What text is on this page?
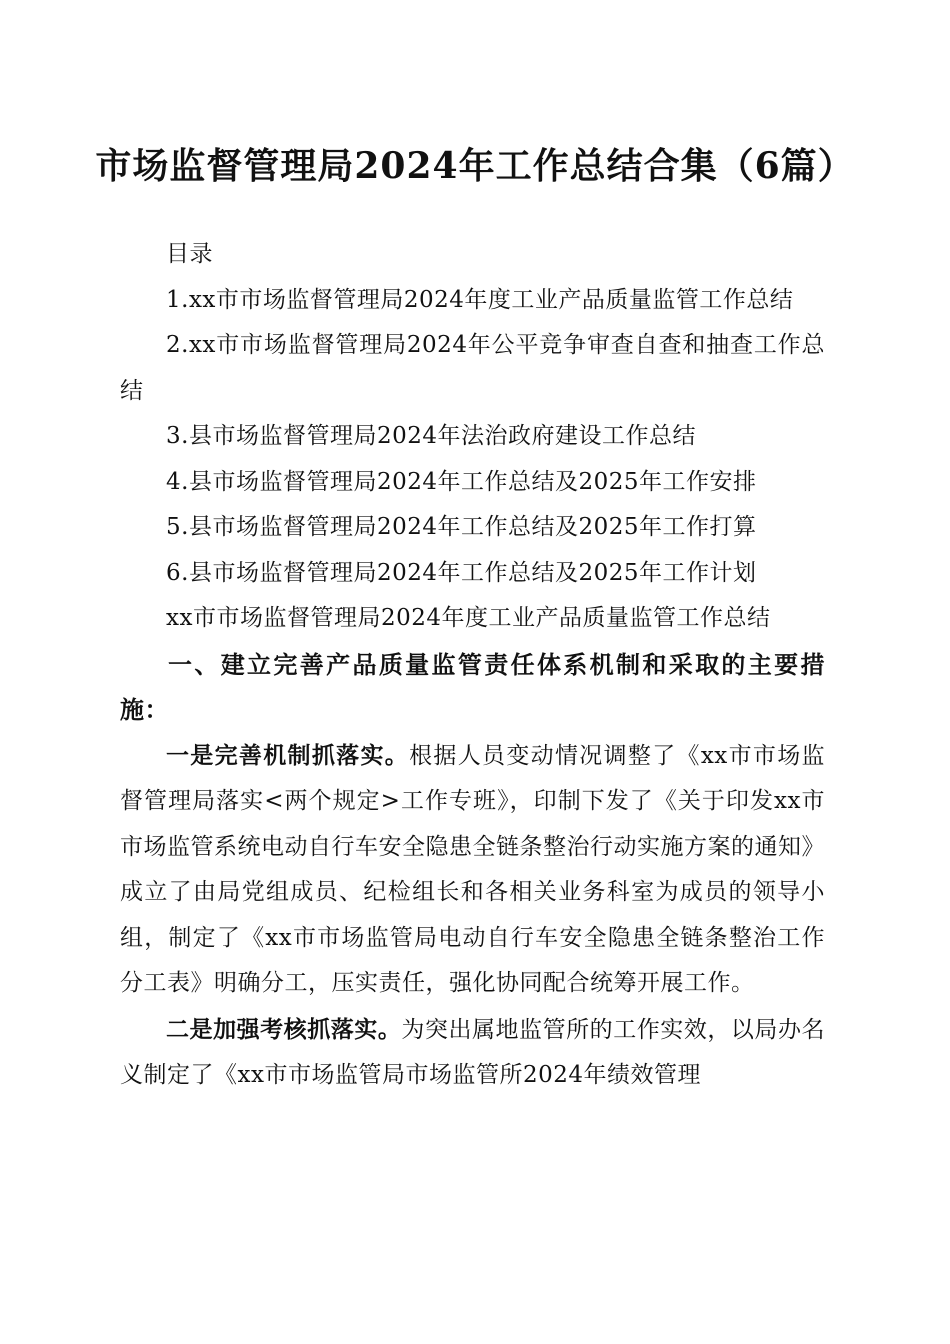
市场监督管理局2024年工作总结合集（6篇）

目录

1.xx市市场监督管理局2024年度工业产品质量监管工作总结

2.xx市市场监督管理局2024年公平竞争审查自查和抽查工作总结

3.县市场监督管理局2024年法治政府建设工作总结

4.县市场监督管理局2024年工作总结及2025年工作安排

5.县市场监督管理局2024年工作总结及2025年工作打算

6.县市场监督管理局2024年工作总结及2025年工作计划

xx市市场监督管理局2024年度工业产品质量监管工作总结

一、建立完善产品质量监管责任体系机制和采取的主要措施：

一是完善机制抓落实。根据人员变动情况调整了《xx市市场监督管理局落实<两个规定>工作专班》，印制下发了《关于印发xx市市场监管系统电动自行车安全隐患全链条整治行动实施方案的通知》成立了由局党组成员、纪检组长和各相关业务科室为成员的领导小组，制定了《xx市市场监管局电动自行车安全隐患全链条整治工作分工表》明确分工，压实责任，强化协同配合统筹开展工作。

二是加强考核抓落实。为突出属地监管所的工作实效，以局办名义制定了《xx市市场监管局市场监管所2024年绩效管理
